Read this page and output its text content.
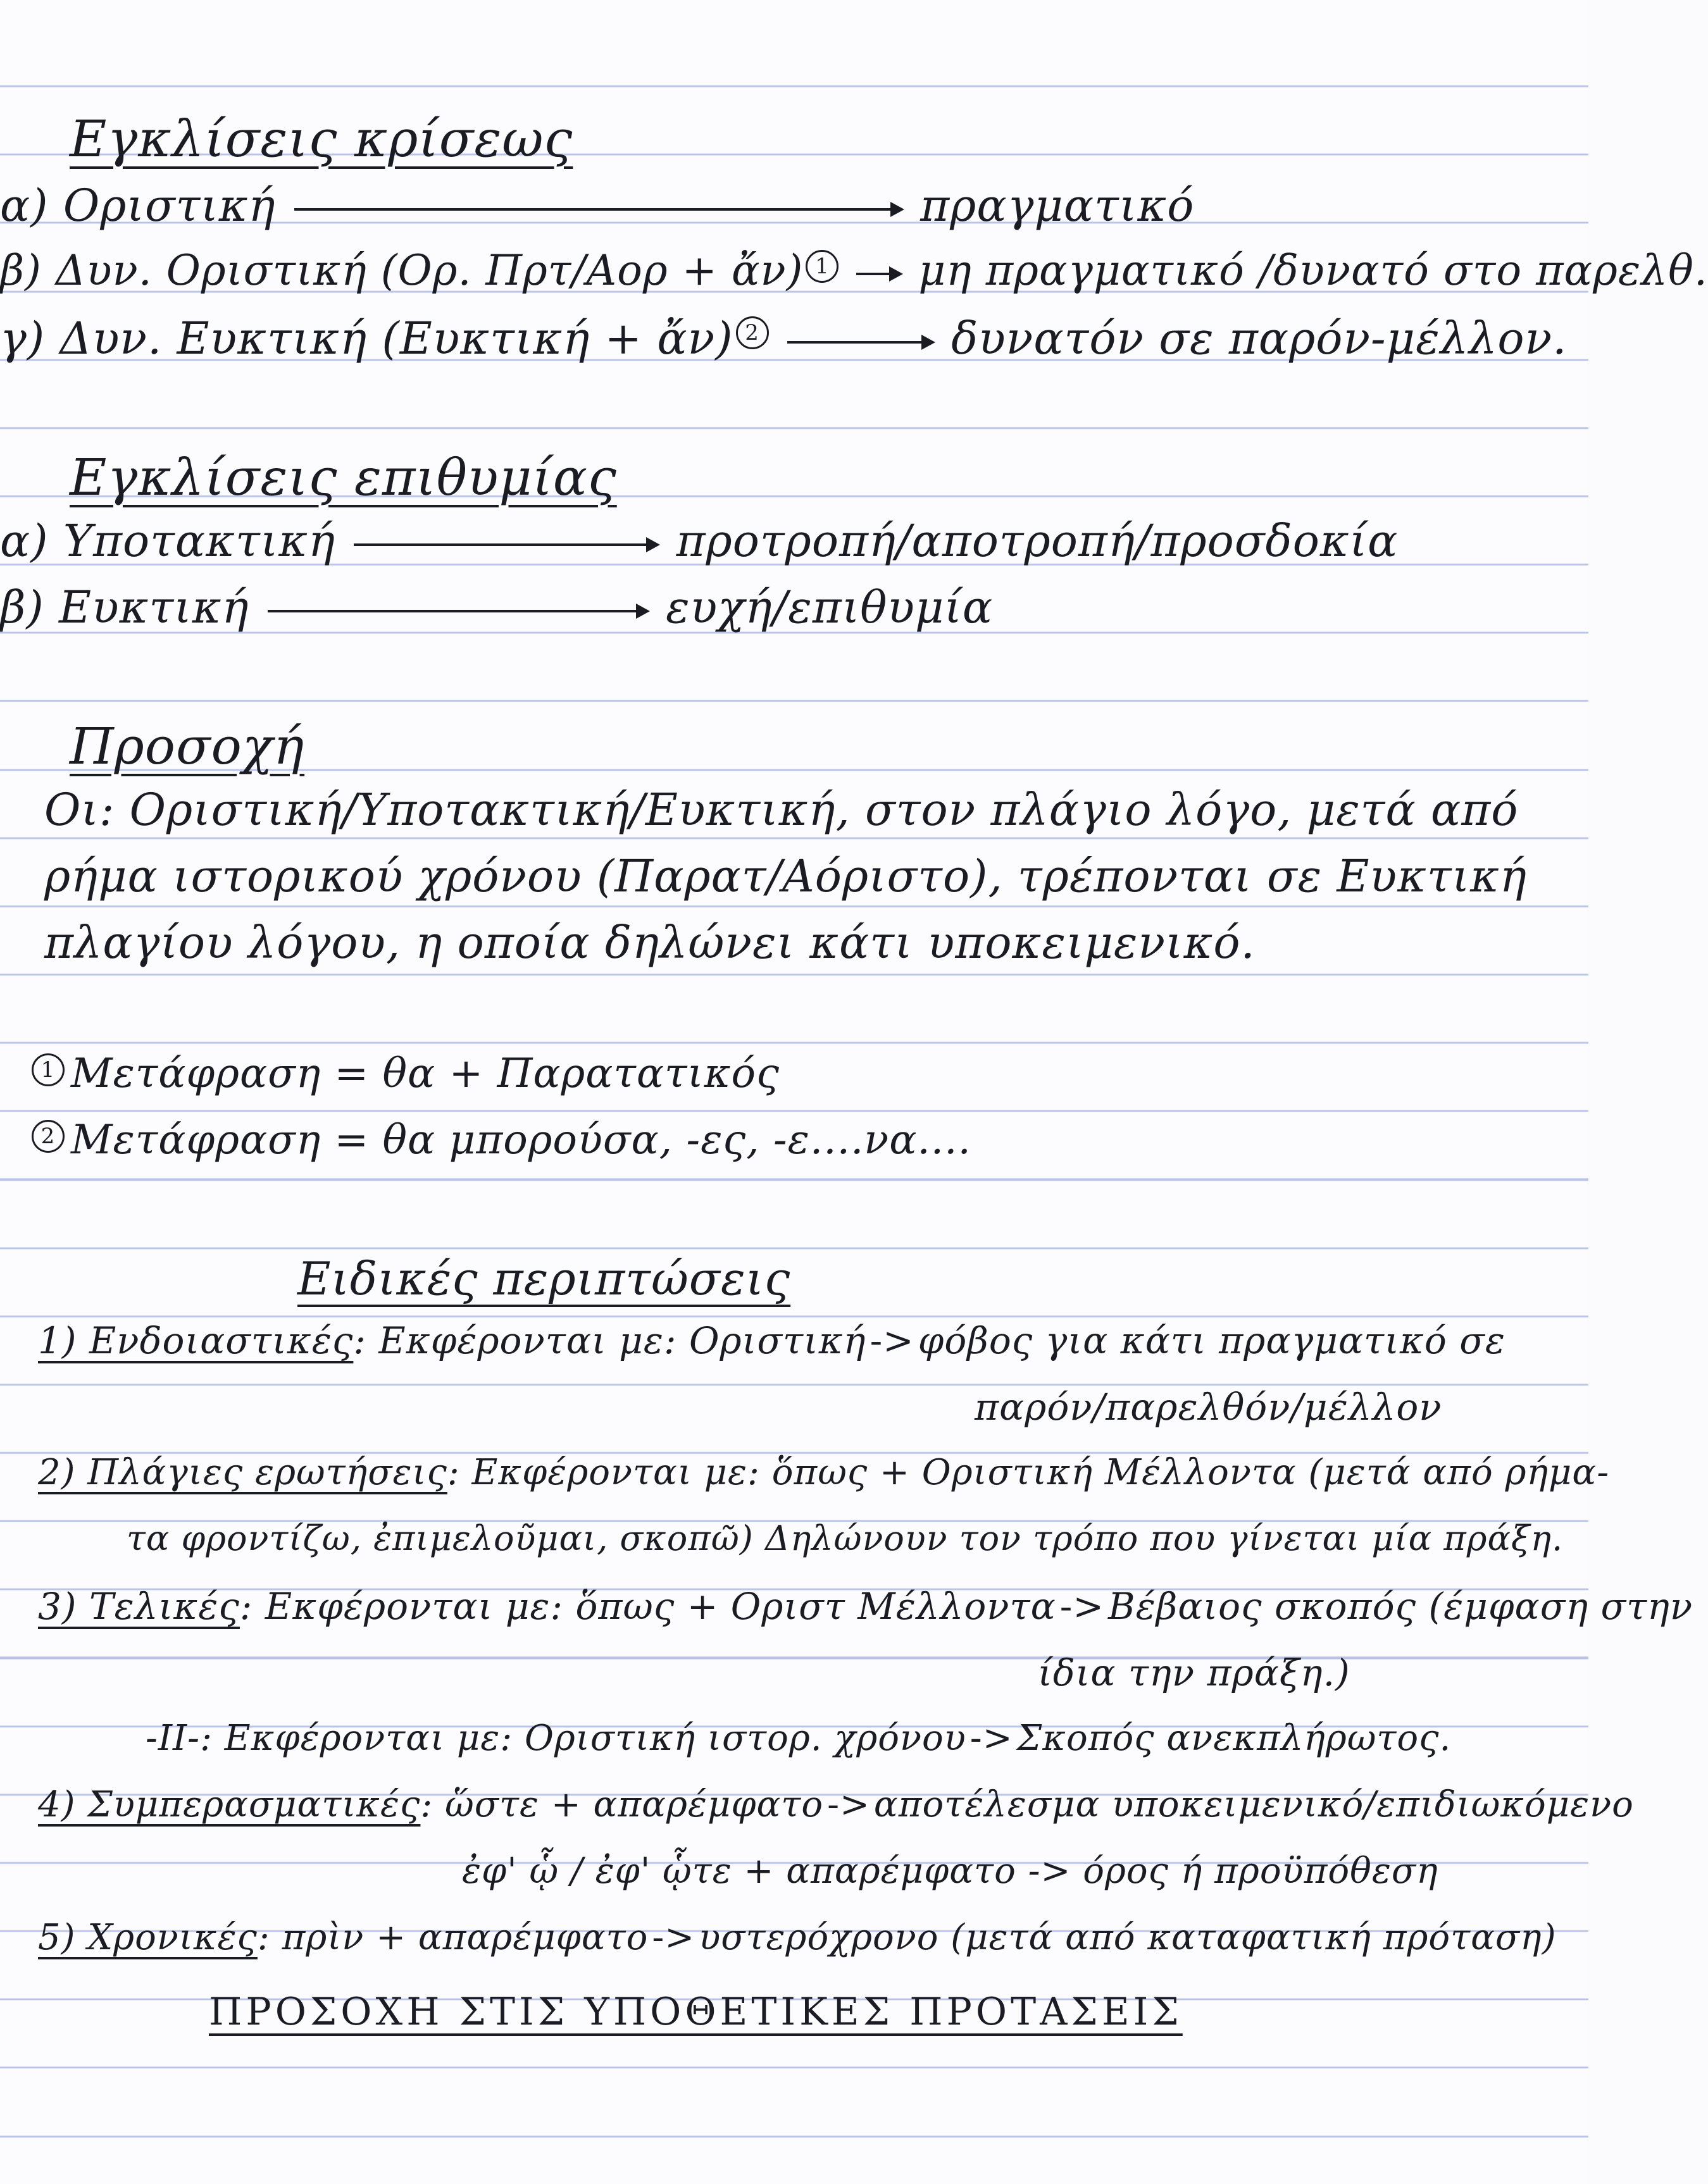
Εγκλίσεις κρίσεως
α) Οριστική	πραγματικό
β) Δυν. Οριστική (Ορ. Πρτ/Αορ + ἄν) 1 μη πραγματικό /δυνατό στο παρελθ.
γ) Δυν. Ευκτική (Ευκτική + ἄν) 2	δυνατόν σε παρόν-μέλλον.
Εγκλίσεις επιθυμίας
α) Υποτακτική	προτροπή/αποτροπή/προσδοκία
β) Ευκτική	ευχή/επιθυμία
Προσοχή
Οι: Οριστική/Υποτακτική/Ευκτική, στον πλάγιο λόγο, μετά από
ρήμα ιστορικού χρόνου (Παρατ/Αόριστο), τρέπονται σε Ευκτική
πλαγίου λόγου, η οποία δηλώνει κάτι υποκειμενικό.
1 Μετάφραση = θα + Παρατατικός
2 Μετάφραση = θα μπορούσα, -ες, -ε....να....
Ειδικές περιπτώσεις
1) Ενδοιαστικές: Εκφέρονται με: Οριστική -> φόβος για κάτι πραγματικό σε
παρόν/παρελθόν/μέλλον
2) Πλάγιες ερωτήσεις: Εκφέρονται με: ὅπως + Οριστική Μέλλοντα (μετά από ρήμα-
τα φροντίζω, ἐπιμελοῦμαι, σκοπῶ) Δηλώνουν τον τρόπο που γίνεται μία πράξη.
3) Τελικές: Εκφέρονται με: ὅπως + Οριστ Μέλλοντα -> Βέβαιος σκοπός (έμφαση στην
ίδια την πράξη.)
-II-: Εκφέρονται με: Οριστική ιστορ. χρόνου -> Σκοπός ανεκπλήρωτος.
4) Συμπερασματικές: ὥστε + απαρέμφατο -> αποτέλεσμα υποκειμενικό/επιδιωκόμενο
ἐφ' ᾧ / ἐφ' ᾧτε + απαρέμφατο -> όρος ή προϋπόθεση
5) Χρονικές: πρὶν + απαρέμφατο -> υστερόχρονο (μετά από καταφατική πρόταση)
ΠΡΟΣΟΧΗ ΣΤΙΣ ΥΠΟΘΕΤΙΚΕΣ ΠΡΟΤΑΣΕΙΣ
